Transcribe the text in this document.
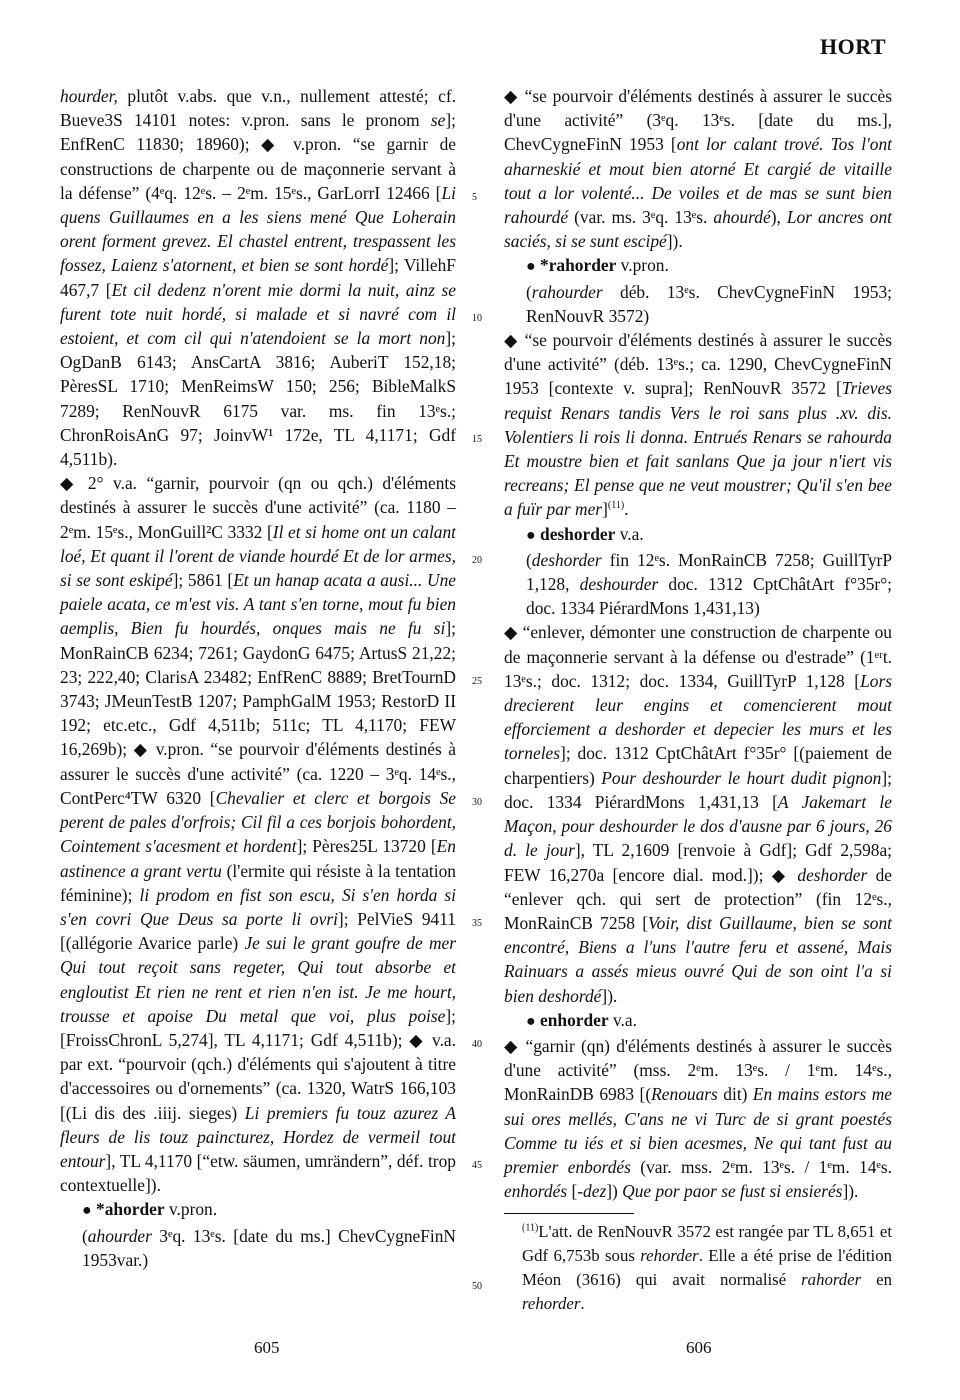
HORT

hourder, plutôt v.abs. que v.n., nullement attesté; cf. Bueve3S 14101 notes: v.pron. sans le pronom se]; EnfRenC 11830; 18960); ◆ v.pron. “se garnir de constructions de charpente ou de maçonnerie servant à la défense” (4ᵉq. 12ᵉs. – 2ᵉm. 15ᵉs., GarLorrI 12466 [Li quens Guillaumes en a les siens mené Que Loherain orent forment grevez. El chastel entrent, trespassent les fossez, Laienz s'atornent, et bien se sont hordé]; VillehF 467,7 [Et cil dedenz n'orent mie dormi la nuit, ainz se furent tote nuit hordé, si malade et si navré com il estoient, et com cil qui n'atendoient se la mort non]; OgDanB 6143; AnsCartA 3816; AuberiT 152,18; PèresSL 1710; MenReimsW 150; 256; BibleMalkS 7289; RenNouvR 6175 var. ms. fin 13ᵉs.; ChronRoisAnG 97; JoinvW¹ 172e, TL 4,1171; Gdf 4,511b).

◆ 2° v.a. “garnir, pourvoir (qn ou qch.) d'éléments destinés à assurer le succès d'une activité” (ca. 1180 – 2ᵉm. 15ᵉs., MonGuill²C 3332 [Il et si home ont un calant loé, Et quant il l'orent de viande hourdé Et de lor armes, si se sont eskipé]; 5861 [Et un hanap acata a ausi... Une paiele acata, ce m'est vis. A tant s'en torne, mout fu bien aemplis, Bien fu hourdés, onques mais ne fu si]; MonRainCB 6234; 7261; GaydonG 6475; ArtusS 21,22; 23; 222,40; ClarisA 23482; EnfRenC 8889; BretTournD 3743; JMeunTestB 1207; PamphGalM 1953; RestorD II 192; etc.etc., Gdf 4,511b; 511c; TL 4,1170; FEW 16,269b); ◆ v.pron. “se pourvoir d'éléments destinés à assurer le succès d'une activité” (ca. 1220 – 3ᵉq. 14ᵉs., ContPerc⁴TW 6320 [Chevalier et clerc et borgois Se perent de pales d'orfrois; Cil fil a ces borjois bohordent, Cointement s'acesment et hordent]; Pères25L 13720 [En astinence a grant vertu (l'ermite qui résiste à la tentation féminine); li prodom en fist son escu, Si s'en horda si s'en covri Que Deus sa porte li ovri]; PelVieS 9411 [(allégorie Avarice parle) Je sui le grant goufre de mer Qui tout reçoit sans regeter, Qui tout absorbe et engloutist Et rien ne rent et rien n'en ist. Je me hourt, trousse et apoise Du metal que voi, plus poise]; [FroissChronL 5,274], TL 4,1171; Gdf 4,511b); ◆ v.a. par ext. “pourvoir (qch.) d'éléments qui s'ajoutent à titre d'accessoires ou d'ornements” (ca. 1320, WatrS 166,103 [(Li dis des .iiij. sieges) Li premiers fu touz azurez A fleurs de lis touz paincturez, Hordez de vermeil tout entour], TL 4,1170 [“etw. säumen, umrändern”, déf. trop contextuelle]).

● *ahorder v.pron.

(ahourder 3ᵉq. 13ᵉs. [date du ms.] ChevCygneFinN 1953var.)

5
10
15
20
25
30
35
40
45
50

◆ “se pourvoir d'éléments destinés à assurer le succès d'une activité” (3ᵉq. 13ᵉs. [date du ms.], ChevCygneFinN 1953 [ont lor calant trové. Tos l'ont aharneskié et mout bien atorné Et cargié de vitaille tout a lor volenté... De voiles et de mas se sunt bien rahourdé (var. ms. 3ᵉq. 13ᵉs. ahourdé), Lor ancres ont saciés, si se sunt escipé]).

● *rahorder v.pron.

(rahourder déb. 13ᵉs. ChevCygneFinN 1953; RenNouvR 3572)

◆ “se pourvoir d'éléments destinés à assurer le succès d'une activité” (déb. 13ᵉs.; ca. 1290, ChevCygneFinN 1953 [contexte v. supra]; RenNouvR 3572 [Trieves requist Renars tandis Vers le roi sans plus .xv. dis. Volentiers li rois li donna. Entrués Renars se rahourda Et moustre bien et fait sanlans Que ja jour n'iert vis recreans; El pense que ne veut moustrer; Qu'il s'en bee a fuïr par mer]$^{(11)}$.

● deshorder v.a.

(deshorder fin 12ᵉs. MonRainCB 7258; GuillTyrP 1,128, deshourder doc. 1312 CptChâtArt f°35r°; doc. 1334 PiérardMons 1,431,13)

◆ “enlever, démonter une construction de charpente ou de maçonnerie servant à la défense ou d'estrade” (1ᵉʳt. 13ᵉs.; doc. 1312; doc. 1334, GuillTyrP 1,128 [Lors drecierent leur engins et comencierent mout efforciement a deshorder et depecier les murs et les torneles]; doc. 1312 CptChâtArt f°35r° [(paiement de charpentiers) Pour deshourder le hourt dudit pignon]; doc. 1334 PiérardMons 1,431,13 [A Jakemart le Maçon, pour deshourder le dos d'ausne par 6 jours, 26 d. le jour], TL 2,1609 [renvoie à Gdf]; Gdf 2,598a; FEW 16,270a [encore dial. mod.]); ◆ deshorder de “enlever qch. qui sert de protection” (fin 12ᵉs., MonRainCB 7258 [Voir, dist Guillaume, bien se sont encontré, Biens a l'uns l'autre feru et assené, Mais Rainuars a assés mieus ouvré Qui de son oint l'a si bien deshordé]).

● enhorder v.a.

◆ “garnir (qn) d'éléments destinés à assurer le succès d'une activité” (mss. 2ᵉm. 13ᵉs. / 1ᵉm. 14ᵉs., MonRainDB 6983 [(Renouars dit) En mains estors me sui ores mellés, C'ans ne vi Turc de si grant poestés Comme tu iés et si bien acesmes, Ne qui tant fust au premier enbordés (var. mss. 2ᵉm. 13ᵉs. / 1ᵉm. 14ᵉs. enhordés [-dez]) Que por paor se fust si ensierés]).

$^{(11)}$L'att. de RenNouvR 3572 est rangée par TL 8,651 et Gdf 6,753b sous rehorder. Elle a été prise de l'édition Méon (3616) qui avait normalisé rahorder en rehorder.

605	606
